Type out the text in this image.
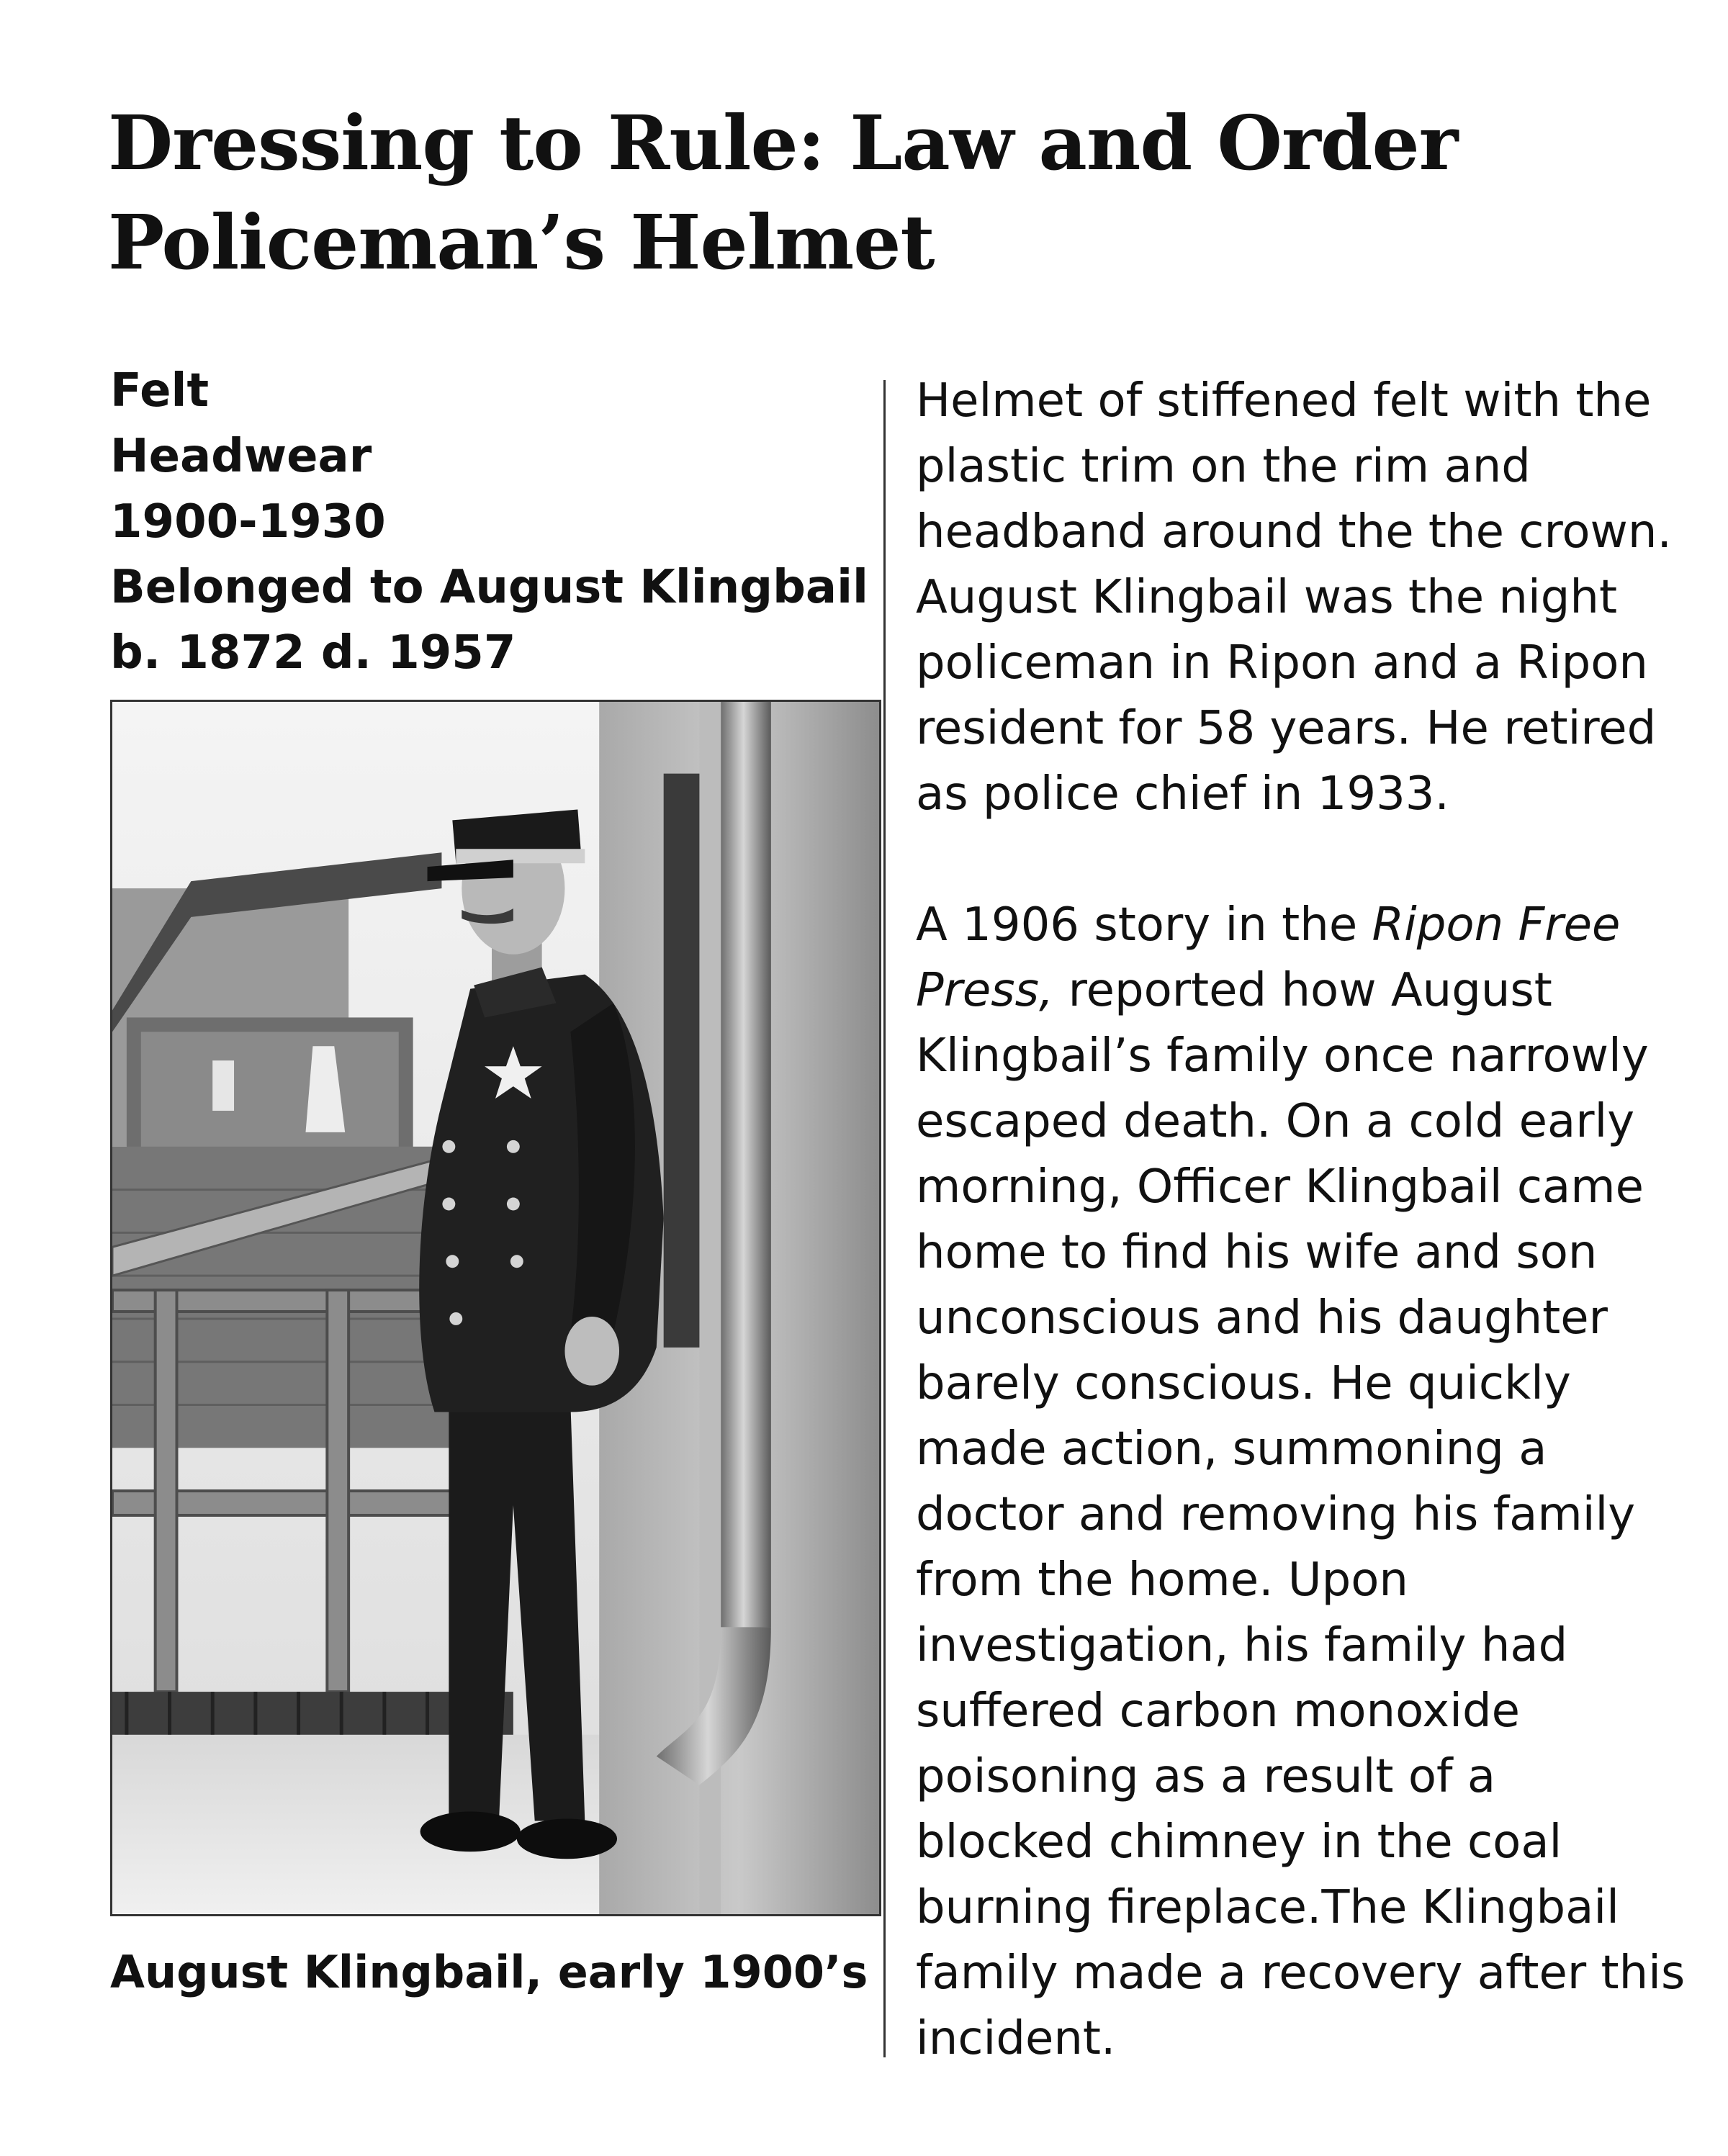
Dressing to Rule: Law and Order
Policeman’s Helmet
Felt
Headwear
1900-1930
Belonged to August Klingbail
b. 1872 d. 1957
August Klingbail, early 1900’s
Helmet of stiffened felt with the
plastic trim on the rim and
headband around the the crown.
August Klingbail was the night
policeman in Ripon and a Ripon
resident for 58 years. He retired
as police chief in 1933.
A 1906 story in the Ripon Free
Press, reported how August
Klingbail’s family once narrowly
escaped death. On a cold early
morning, Officer Klingbail came
home to find his wife and son
unconscious and his daughter
barely conscious. He quickly
made action, summoning a
doctor and removing his family
from the home. Upon
investigation, his family had
suffered carbon monoxide
poisoning as a result of a
blocked chimney in the coal
burning fireplace.The Klingbail
family made a recovery after this
incident.
